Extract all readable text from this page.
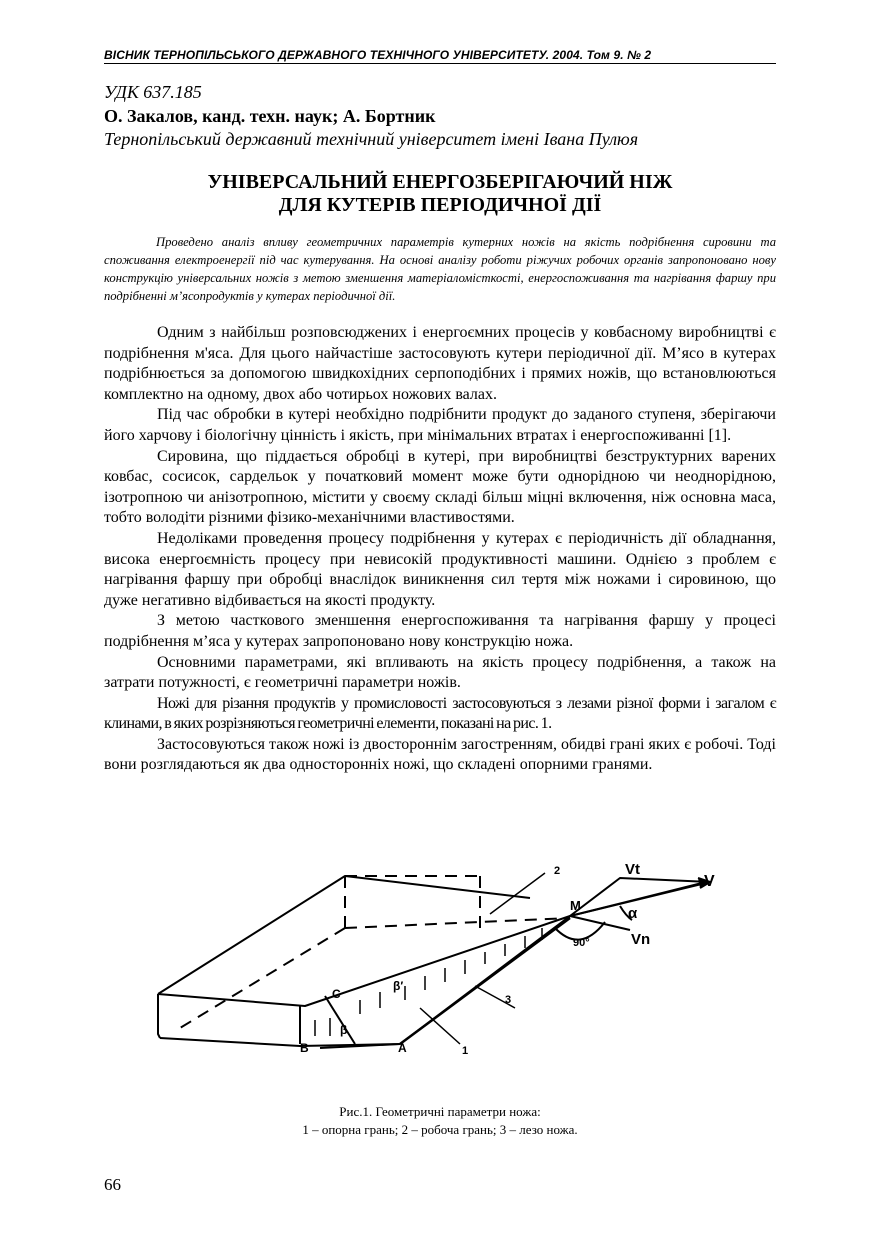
ВІСНИК ТЕРНОПІЛЬСЬКОГО ДЕРЖАВНОГО ТЕХНІЧНОГО УНІВЕРСИТЕТУ. 2004. Том 9. № 2
УДК 637.185
О. Закалов, канд. техн. наук; А. Бортник
Тернопільський державний технічний університет імені Івана Пулюя
УНІВЕРСАЛЬНИЙ ЕНЕРГОЗБЕРІГАЮЧИЙ НІЖ
ДЛЯ КУТЕРІВ ПЕРІОДИЧНОЇ ДІЇ
Проведено аналіз впливу геометричних параметрів кутерних ножів на якість подрібнення сировини та споживання електроенергії під час кутерування. На основі аналізу роботи ріжучих робочих органів запропоновано нову конструкцію універсальних ножів з метою зменшення матеріаломісткості, енергоспоживання та нагрівання фаршу при подрібненні м’ясопродуктів у кутерах періодичної дії.

Одним з найбільш розповсюджених і енергоємних процесів у ковбасному виробництві є подрібнення м'яса. Для цього найчастіше застосовують кутери періодичної дії. М’ясо в кутерах подрібнюється за допомогою швидкохідних серпоподібних і прямих ножів, що встановлюються комплектно на одному, двох або чотирьох ножових валах.

Під час обробки в кутері необхідно подрібнити продукт до заданого ступеня, зберігаючи його харчову і біологічну цінність і якість, при мінімальних втратах і енергоспоживанні [1].

Сировина, що піддається обробці в кутері, при виробництві безструктурних варених ковбас, сосисок, сардельок у початковий момент може бути однорідною чи неоднорідною, ізотропною чи анізотропною, містити у своєму складі більш міцні включення, ніж основна маса, тобто володіти різними фізико-механічними властивостями.

Недоліками проведення процесу подрібнення у кутерах є періодичність дії обладнання, висока енергоємність процесу при невисокій продуктивності машини. Однією з проблем є нагрівання фаршу при обробці внаслідок виникнення сил тертя між ножами і сировиною, що дуже негативно відбивається на якості продукту.

З метою часткового зменшення енергоспоживання та нагрівання фаршу у процесі подрібнення м’яса у кутерах запропоновано нову конструкцію ножа.

Основними параметрами, які впливають на якість процесу подрібнення, а також на затрати потужності, є геометричні параметри ножів.

Ножі для різання продуктів у промисловості застосовуються з лезами різної форми і загалом є клинами, в яких розрізняються геометричні елементи, показані на рис. 1.

Застосовуються також ножі із двостороннім загостренням, обидві грані яких є робочі. Тоді вони розглядаються як два односторонніх ножі, що складені опорними гранями.

Vt
V
Vn
M	α
90°
2
3
1
C
β′
β
B	A
Рис.1. Геометричні параметри ножа:
1 – опорна грань; 2 – робоча грань; 3 – лезо ножа.
66
